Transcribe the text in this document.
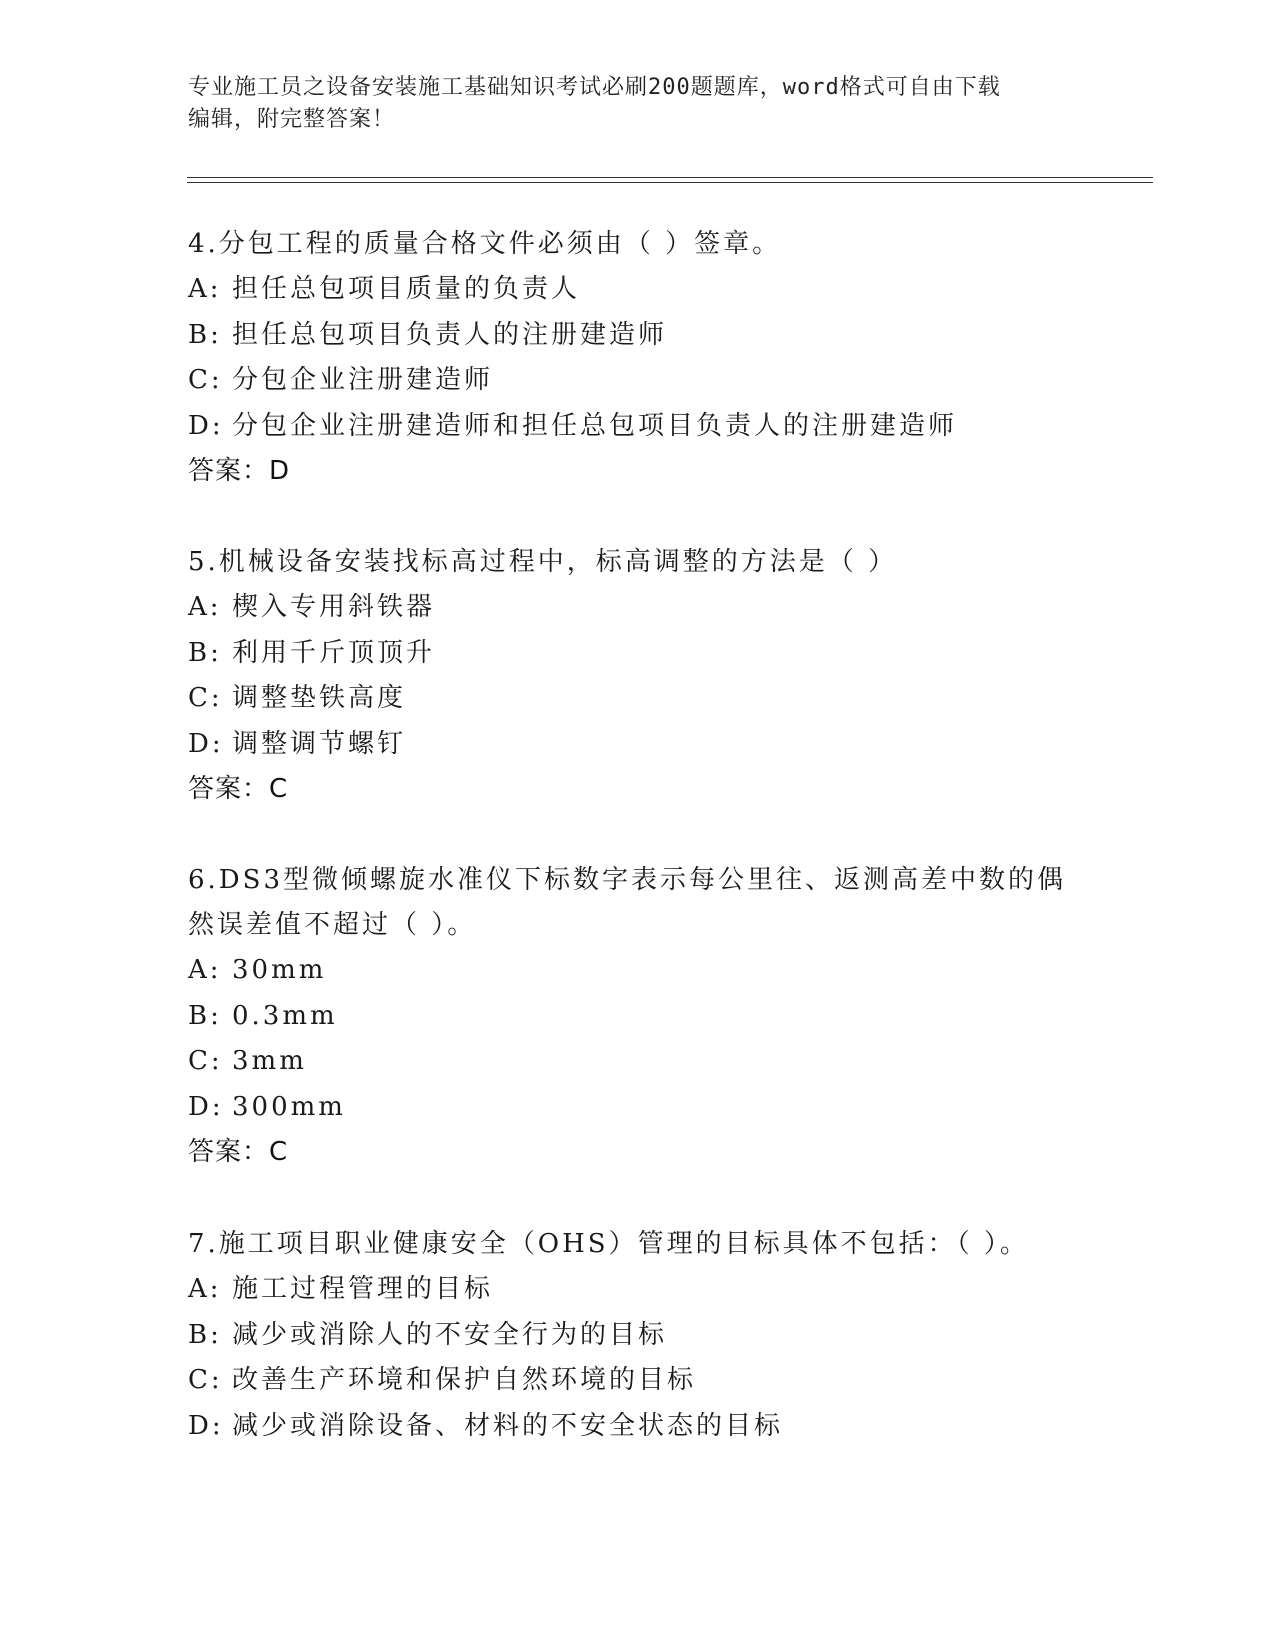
专业施工员之设备安装施工基础知识考试必刷200题题库，word格式可自由下载
编辑，附完整答案！
4.分包工程的质量合格文件必须由（ ）签章。
A: 担任总包项目质量的负责人
B: 担任总包项目负责人的注册建造师
C: 分包企业注册建造师
D: 分包企业注册建造师和担任总包项目负责人的注册建造师
答案：D
5.机械设备安装找标高过程中，标高调整的方法是（ ）
A: 楔入专用斜铁器
B: 利用千斤顶顶升
C: 调整垫铁高度
D: 调整调节螺钉
答案：C
6.DS3型微倾螺旋水准仪下标数字表示每公里往、返测高差中数的偶然误差值不超过（ ）。
A: 30mm
B: 0.3mm
C: 3mm
D: 300mm
答案：C
7.施工项目职业健康安全（OHS）管理的目标具体不包括：（ ）。
A: 施工过程管理的目标
B: 减少或消除人的不安全行为的目标
C: 改善生产环境和保护自然环境的目标
D: 减少或消除设备、材料的不安全状态的目标
